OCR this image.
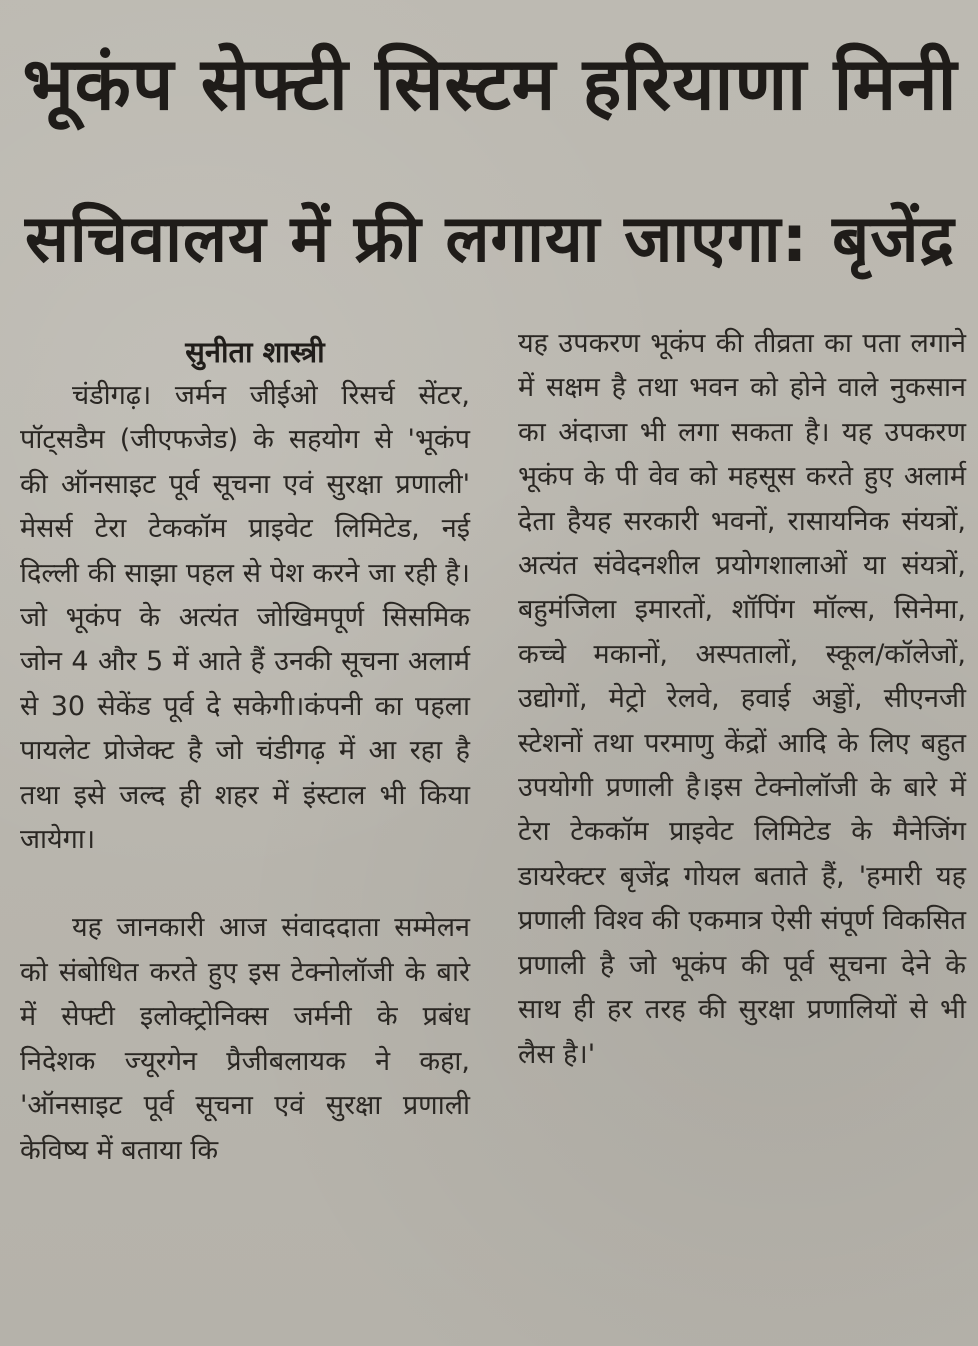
भूकंप सेफ्टी सिस्टम हरियाणा मिनी
सचिवालय में फ्री लगाया जाएगा: बृजेंद्र
सुनीता शास्त्री

चंडीगढ़। जर्मन जीईओ रिसर्च सेंटर, पॉट्सडैम (जीएफजेड) के सहयोग से 'भूकंप की ऑनसाइट पूर्व सूचना एवं सुरक्षा प्रणाली' मेसर्स टेरा टेककॉम प्राइवेट लिमिटेड, नई दिल्ली की साझा पहल से पेश करने जा रही है। जो भूकंप के अत्यंत जोखिमपूर्ण सिसमिक जोन 4 और 5 में आते हैं उनकी सूचना अलार्म से 30 सेकेंड पूर्व दे सकेगी।कंपनी का पहला पायलेट प्रोजेक्ट है जो चंडीगढ़ में आ रहा है तथा इसे जल्द ही शहर में इंस्टाल भी किया जायेगा।

यह जानकारी आज संवाददाता सम्मेलन को संबोधित करते हुए इस टेक्नोलॉजी के बारे में सेफ्टी इलोक्ट्रोनिक्स जर्मनी के प्रबंध निदेशक ज्यूरगेन प्रैजीबलायक ने कहा, 'ऑनसाइट पूर्व सूचना एवं सुरक्षा प्रणाली केविष्य में बताया कि

यह उपकरण भूकंप की तीव्रता का पता लगाने में सक्षम है तथा भवन को होने वाले नुकसान का अंदाजा भी लगा सकता है। यह उपकरण भूकंप के पी वेव को महसूस करते हुए अलार्म देता हैयह सरकारी भवनों, रासायनिक संयत्रों, अत्यंत संवेदनशील प्रयोगशालाओं या संयत्रों, बहुमंजिला इमारतों, शॉपिंग मॉल्स, सिनेमा, कच्चे मकानों, अस्पतालों, स्कूल/कॉलेजों, उद्योगों, मेट्रो रेलवे, हवाई अड्डों, सीएनजी स्टेशनों तथा परमाणु केंद्रों आदि के लिए बहुत उपयोगी प्रणाली है।इस टेक्नोलॉजी के बारे में टेरा टेककॉम प्राइवेट लिमिटेड के मैनेजिंग डायरेक्टर बृजेंद्र गोयल बताते हैं, 'हमारी यह प्रणाली विश्व की एकमात्र ऐसी संपूर्ण विकसित प्रणाली है जो भूकंप की पूर्व सूचना देने के साथ ही हर तरह की सुरक्षा प्रणालियों से भी लैस है।'
